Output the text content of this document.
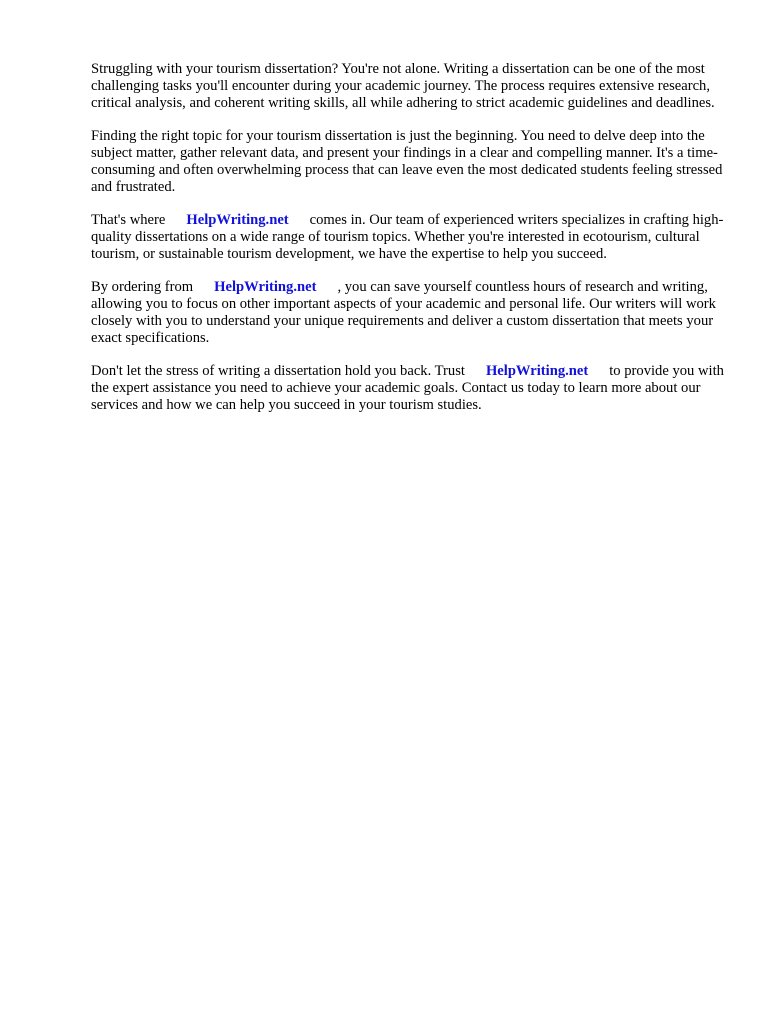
Struggling with your tourism dissertation? You're not alone. Writing a dissertation can be one of the most challenging tasks you'll encounter during your academic journey. The process requires extensive research, critical analysis, and coherent writing skills, all while adhering to strict academic guidelines and deadlines.

Finding the right topic for your tourism dissertation is just the beginning. You need to delve deep into the subject matter, gather relevant data, and present your findings in a clear and compelling manner. It's a time-consuming and often overwhelming process that can leave even the most dedicated students feeling stressed and frustrated.

That's where HelpWriting.net comes in. Our team of experienced writers specializes in crafting high-quality dissertations on a wide range of tourism topics. Whether you're interested in ecotourism, cultural tourism, or sustainable tourism development, we have the expertise to help you succeed.

By ordering from HelpWriting.net , you can save yourself countless hours of research and writing, allowing you to focus on other important aspects of your academic and personal life. Our writers will work closely with you to understand your unique requirements and deliver a custom dissertation that meets your exact specifications.

Don't let the stress of writing a dissertation hold you back. Trust HelpWriting.net to provide you with the expert assistance you need to achieve your academic goals. Contact us today to learn more about our services and how we can help you succeed in your tourism studies.
